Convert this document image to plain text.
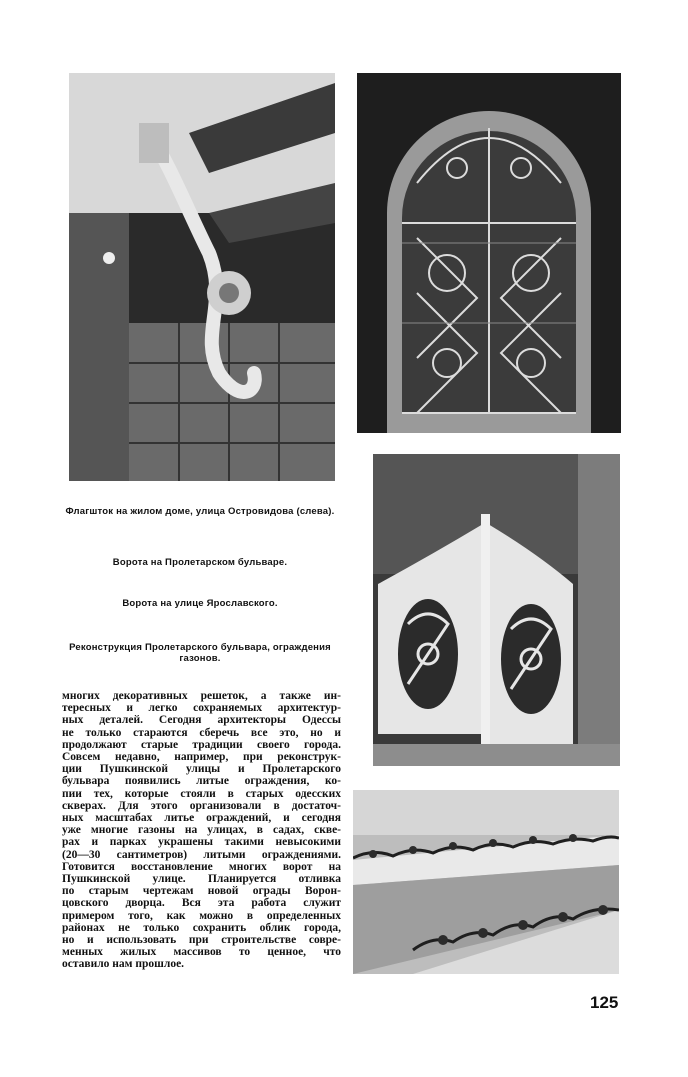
Флагшток на жилом доме, улица Островидова (слева).
Ворота на Пролетарском бульваре.
Ворота на улице Ярославского.
Реконструкция Пролетарского бульвара, ограждения газонов.
многих декоративных решеток, а также ин-
тересных и легко сохраняемых архитектур-
ных деталей. Сегодня архитекторы Одессы
не только стараются сберечь все это, но и
продолжают старые традиции своего города.
Совсем недавно, например, при реконструк-
ции Пушкинской улицы и Пролетарского
бульвара появились литые ограждения, ко-
пии тех, которые стояли в старых одесских
скверах. Для этого организовали в достаточ-
ных масштабах литье ограждений, и сегодня
уже многие газоны на улицах, в садах, скве-
рах и парках украшены такими невысокими
(20—30 сантиметров) литыми ограждениями.
Готовится восстановление многих ворот на
Пушкинской улице. Планируется отливка
по старым чертежам новой ограды Ворон-
цовского дворца. Вся эта работа служит
примером того, как можно в определенных
районах не только сохранить облик города,
но и использовать при строительстве совре-
менных жилых массивов то ценное, что
оставило нам прошлое.
125
